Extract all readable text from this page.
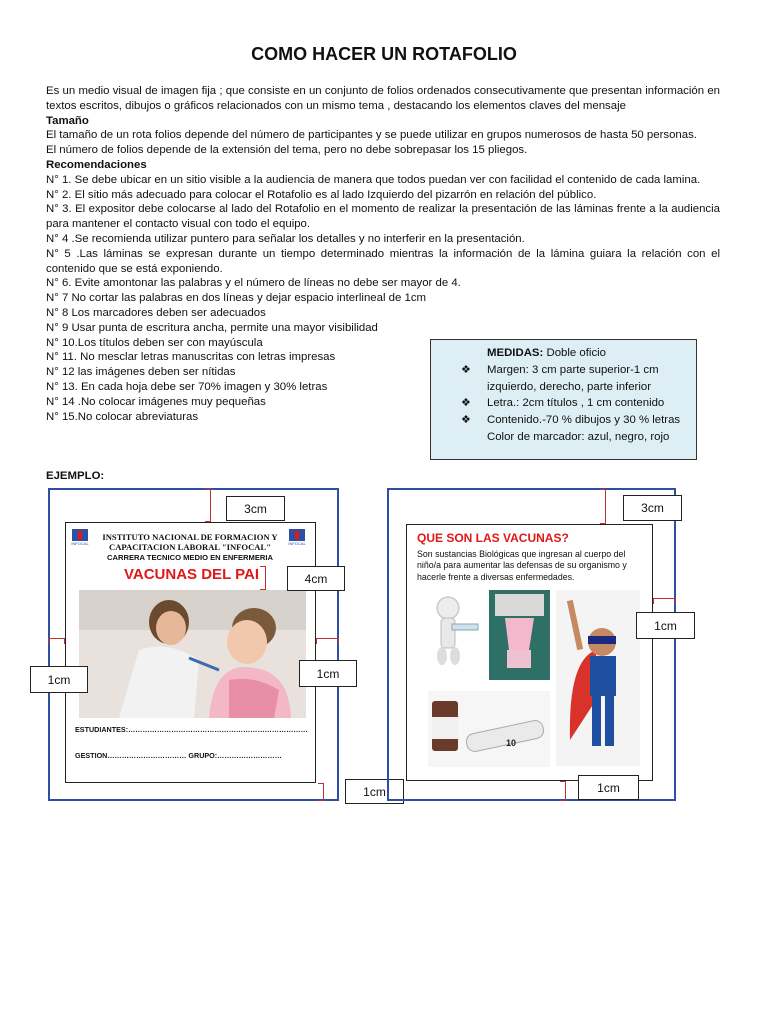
COMO HACER UN ROTAFOLIO

Es un medio visual de imagen fija ; que consiste en un conjunto de folios ordenados consecutivamente que presentan información en textos escritos, dibujos o gráficos relacionados con un mismo tema , destacando los elementos claves del mensaje

Tamaño

El tamaño de un rota folios depende del número de participantes y se puede utilizar en grupos numerosos de hasta 50 personas.

El número de folios depende de la extensión del tema, pero no debe sobrepasar los 15 pliegos.

Recomendaciones

N° 1. Se debe ubicar en un sitio visible a la audiencia de manera que todos puedan ver con facilidad el contenido de cada lamina.

N° 2. El sitio más adecuado para colocar el Rotafolio es al lado Izquierdo del pizarrón en relación del público.

N° 3. El expositor debe colocarse al lado del Rotafolio en el momento de realizar la presentación de las láminas frente a la audiencia para mantener el contacto visual con todo el equipo.

N° 4 .Se recomienda utilizar puntero para señalar los detalles y no interferir en la presentación.

N° 5 .Las láminas se expresan durante un tiempo determinado mientras la información de la lámina guiara la relación con el contenido que se está exponiendo.

N° 6. Evite amontonar las palabras y el número de líneas no debe ser mayor de 4.

N° 7 No cortar las palabras en dos líneas y dejar espacio interlineal de 1cm

N° 8 Los marcadores deben ser adecuados

N° 9 Usar punta de escritura ancha, permite una mayor visibilidad

N° 10.Los títulos deben ser con mayúscula

N° 11. No mesclar letras manuscritas con letras impresas

N° 12 las imágenes deben ser nítidas

N° 13. En cada hoja debe ser 70% imagen y 30% letras

N° 14 .No colocar imágenes muy pequeñas

N° 15.No colocar abreviaturas

MEDIDAS: Doble oficio
❖ Margen: 3 cm parte superior-1 cm izquierdo, derecho, parte inferior
❖ Letra.: 2cm títulos , 1 cm contenido
❖ Contenido.-70 % dibujos y 30 % letras
Color de marcador: azul, negro, rojo
EJEMPLO:
INFOCAL	INFOCAL
INSTITUTO NACIONAL DE FORMACION Y
CAPACITACION LABORAL "INFOCAL"
CARRERA TECNICO MEDIO EN ENFERMERIA
VACUNAS DEL PAI
ESTUDIANTES:…………………………………………………………………
GESTION…………………………… GRUPO:………………………
3cm
4cm
1cm	1cm
1cm
QUE SON LAS VACUNAS?
Son sustancias Biológicas que ingresan al cuerpo del
niño/a para aumentar las defensas de su organismo y
hacerle frente a diversas enfermedades.
10
3cm
1cm
1cm
